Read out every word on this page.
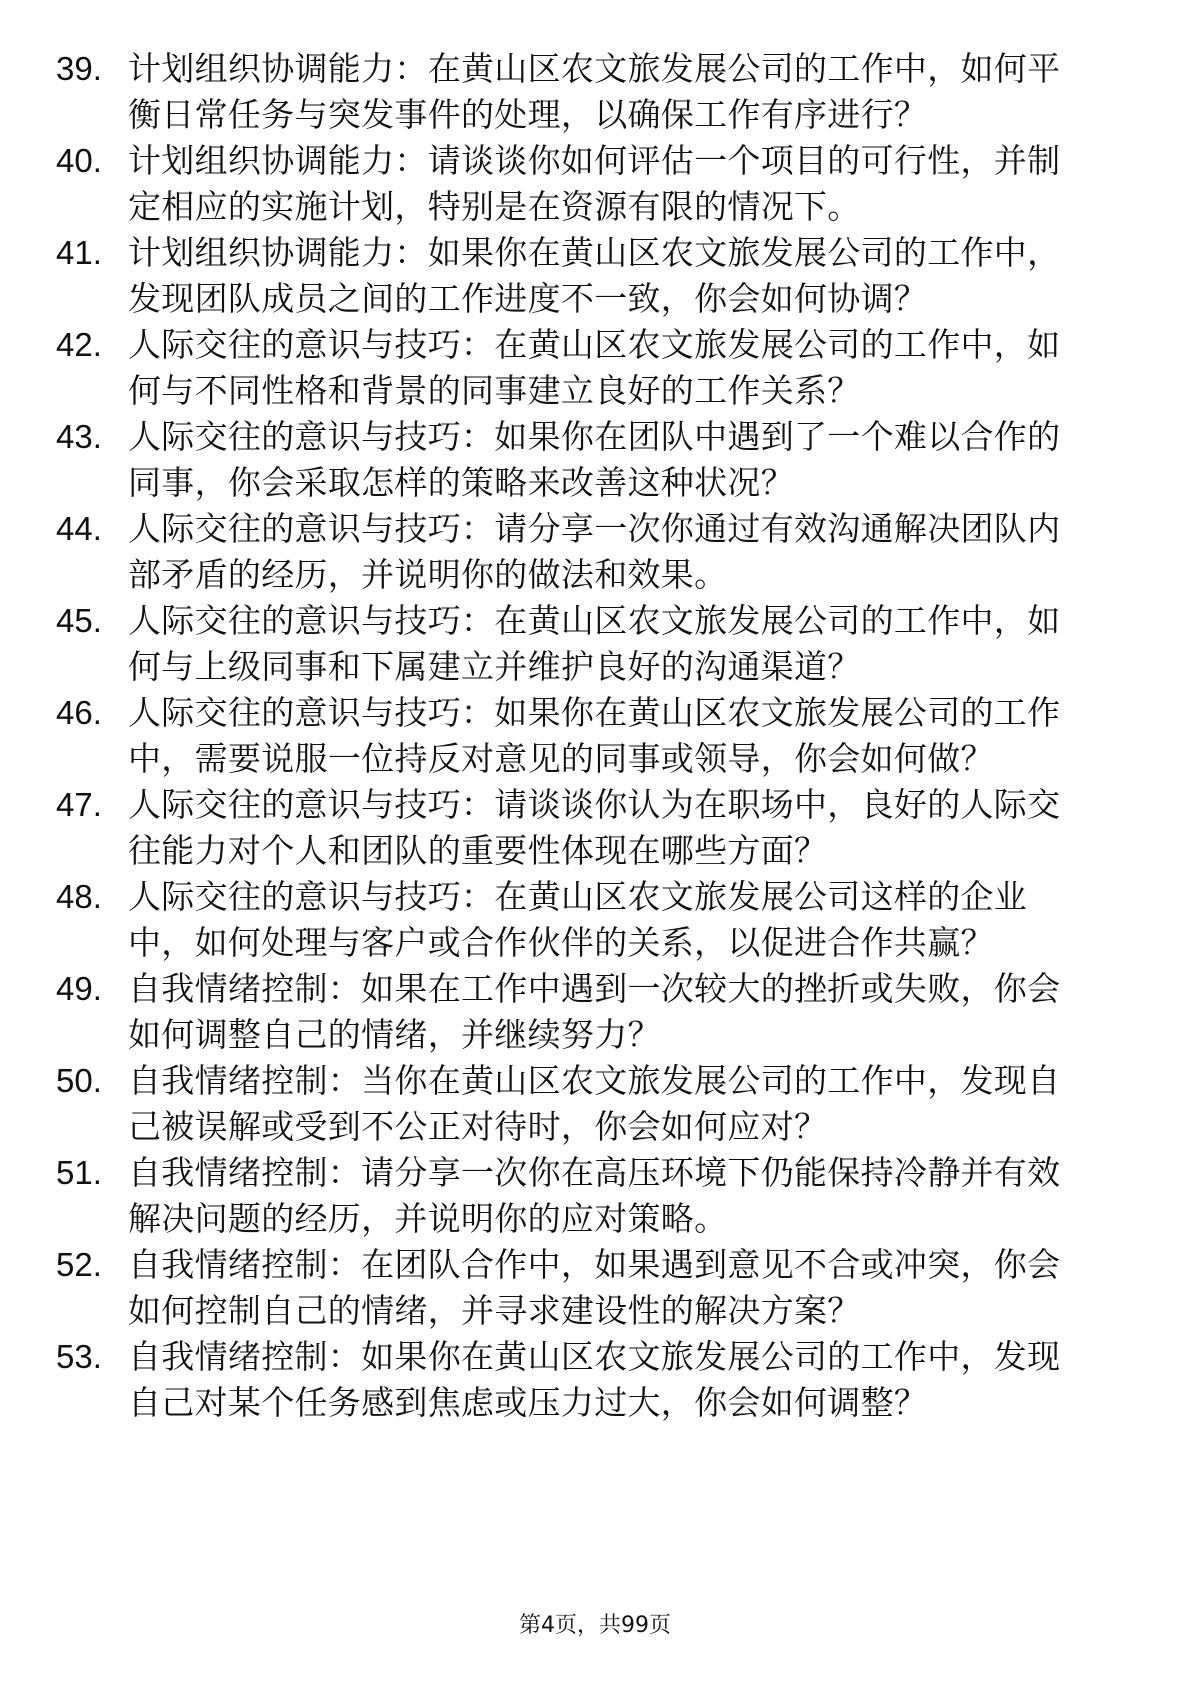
39. 计划组织协调能力：在黄山区农文旅发展公司的工作中，如何平
衡日常任务与突发事件的处理，以确保工作有序进行？
40. 计划组织协调能力：请谈谈你如何评估一个项目的可行性，并制
定相应的实施计划，特别是在资源有限的情况下。
41. 计划组织协调能力：如果你在黄山区农文旅发展公司的工作中，
发现团队成员之间的工作进度不一致，你会如何协调？
42. 人际交往的意识与技巧：在黄山区农文旅发展公司的工作中，如
何与不同性格和背景的同事建立良好的工作关系？
43. 人际交往的意识与技巧：如果你在团队中遇到了一个难以合作的
同事，你会采取怎样的策略来改善这种状况？
44. 人际交往的意识与技巧：请分享一次你通过有效沟通解决团队内
部矛盾的经历，并说明你的做法和效果。
45. 人际交往的意识与技巧：在黄山区农文旅发展公司的工作中，如
何与上级同事和下属建立并维护良好的沟通渠道？
46. 人际交往的意识与技巧：如果你在黄山区农文旅发展公司的工作
中，需要说服一位持反对意见的同事或领导，你会如何做？
47. 人际交往的意识与技巧：请谈谈你认为在职场中，良好的人际交
往能力对个人和团队的重要性体现在哪些方面？
48. 人际交往的意识与技巧：在黄山区农文旅发展公司这样的企业
中，如何处理与客户或合作伙伴的关系，以促进合作共赢？
49. 自我情绪控制：如果在工作中遇到一次较大的挫折或失败，你会
如何调整自己的情绪，并继续努力？
50. 自我情绪控制：当你在黄山区农文旅发展公司的工作中，发现自
己被误解或受到不公正对待时，你会如何应对？
51. 自我情绪控制：请分享一次你在高压环境下仍能保持冷静并有效
解决问题的经历，并说明你的应对策略。
52. 自我情绪控制：在团队合作中，如果遇到意见不合或冲突，你会
如何控制自己的情绪，并寻求建设性的解决方案？
53. 自我情绪控制：如果你在黄山区农文旅发展公司的工作中，发现
自己对某个任务感到焦虑或压力过大，你会如何调整？
第4页，共99页
